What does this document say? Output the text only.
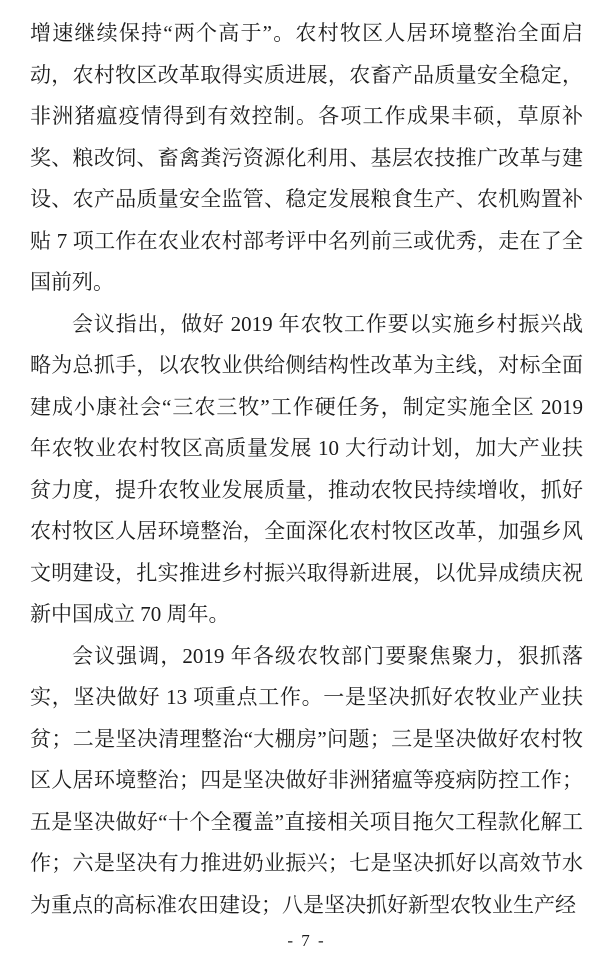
增速继续保持“两个高于”。农村牧区人居环境整治全面启动，农村牧区改革取得实质进展，农畜产品质量安全稳定，非洲猪瘟疫情得到有效控制。各项工作成果丰硕，草原补奖、粮改饲、畜禽粪污资源化利用、基层农技推广改革与建设、农产品质量安全监管、稳定发展粮食生产、农机购置补贴 7 项工作在农业农村部考评中名列前三或优秀，走在了全国前列。

会议指出，做好 2019 年农牧工作要以实施乡村振兴战略为总抓手，以农牧业供给侧结构性改革为主线，对标全面建成小康社会“三农三牧”工作硬任务，制定实施全区 2019 年农牧业农村牧区高质量发展 10 大行动计划，加大产业扶贫力度，提升农牧业发展质量，推动农牧民持续增收，抓好农村牧区人居环境整治，全面深化农村牧区改革，加强乡风文明建设，扎实推进乡村振兴取得新进展，以优异成绩庆祝新中国成立 70 周年。

会议强调，2019 年各级农牧部门要聚焦聚力，狠抓落实，坚决做好 13 项重点工作。一是坚决抓好农牧业产业扶贫；二是坚决清理整治“大棚房”问题；三是坚决做好农村牧区人居环境整治；四是坚决做好非洲猪瘟等疫病防控工作；五是坚决做好“十个全覆盖”直接相关项目拖欠工程款化解工作；六是坚决有力推进奶业振兴；七是坚决抓好以高效节水为重点的高标准农田建设；八是坚决抓好新型农牧业生产经

- 7 -
